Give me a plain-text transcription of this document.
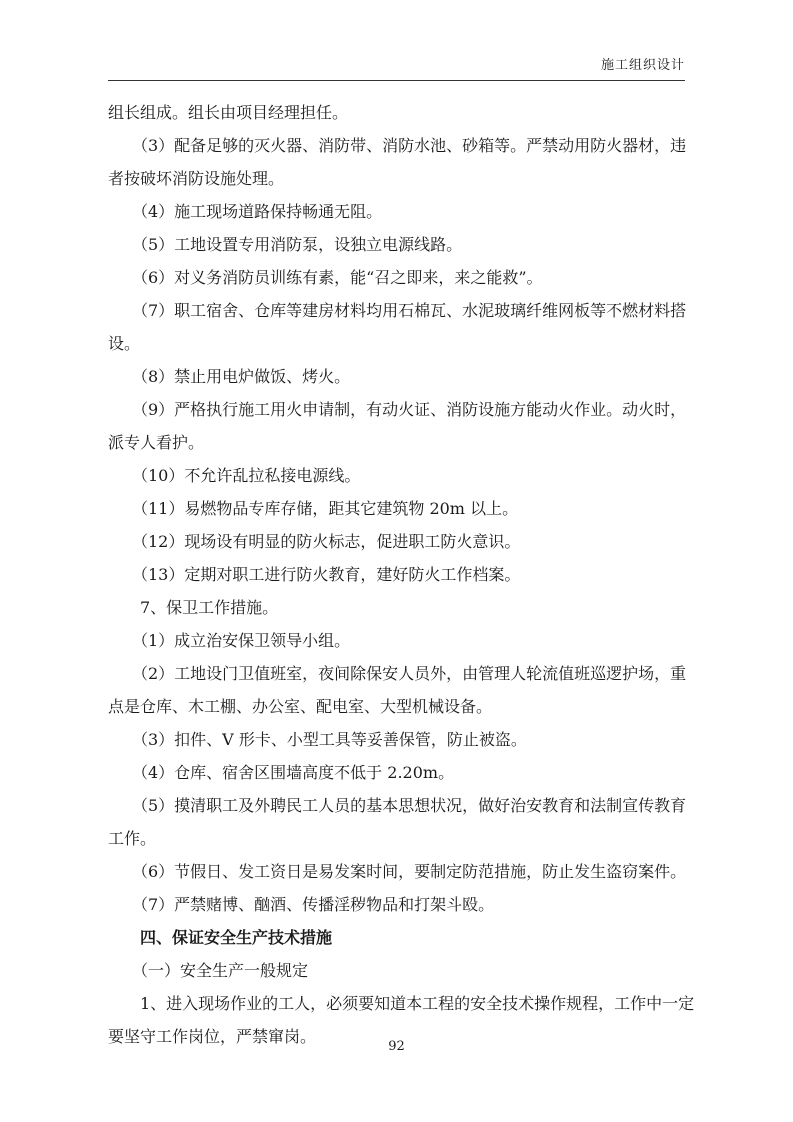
施工组织设计

组长组成。组长由项目经理担任。

（3）配备足够的灭火器、消防带、消防水池、砂箱等。严禁动用防火器材，违

者按破坏消防设施处理。

（4）施工现场道路保持畅通无阻。

（5）工地设置专用消防泵，设独立电源线路。

（6）对义务消防员训练有素，能“召之即来，来之能救”。

（7）职工宿舍、仓库等建房材料均用石棉瓦、水泥玻璃纤维网板等不燃材料搭

设。

（8）禁止用电炉做饭、烤火。

（9）严格执行施工用火申请制，有动火证、消防设施方能动火作业。动火时，

派专人看护。

（10）不允许乱拉私接电源线。

（11）易燃物品专库存储，距其它建筑物 20m 以上。

（12）现场设有明显的防火标志，促进职工防火意识。

（13）定期对职工进行防火教育，建好防火工作档案。

7、保卫工作措施。

（1）成立治安保卫领导小组。

（2）工地设门卫值班室，夜间除保安人员外，由管理人轮流值班巡逻护场，重

点是仓库、木工棚、办公室、配电室、大型机械设备。

（3）扣件、V 形卡、小型工具等妥善保管，防止被盗。

（4）仓库、宿舍区围墙高度不低于 2.20m。

（5）摸清职工及外聘民工人员的基本思想状况，做好治安教育和法制宣传教育

工作。

（6）节假日、发工资日是易发案时间，要制定防范措施，防止发生盗窃案件。

（7）严禁赌博、酗酒、传播淫秽物品和打架斗殴。

四、保证安全生产技术措施

（一）安全生产一般规定

1、进入现场作业的工人，必须要知道本工程的安全技术操作规程，工作中一定

要坚守工作岗位，严禁窜岗。

92
